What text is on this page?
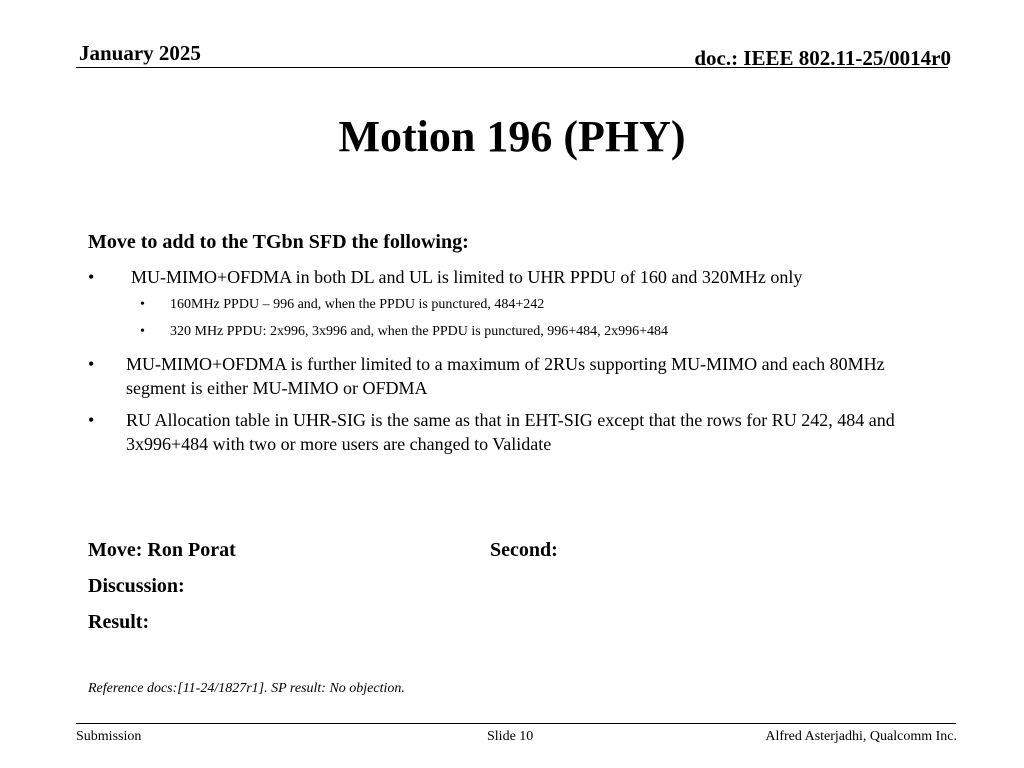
January 2025	doc.: IEEE 802.11-25/0014r0
Motion 196 (PHY)
Move to add to the TGbn SFD the following:
•	MU-MIMO+OFDMA in both DL and UL is limited to UHR PPDU of 160 and 320MHz only
•	160MHz PPDU – 996 and, when the PPDU is punctured, 484+242
•	320 MHz PPDU: 2x996, 3x996 and, when the PPDU is punctured, 996+484, 2x996+484
•	MU-MIMO+OFDMA is further limited to a maximum of 2RUs supporting MU-MIMO and each 80MHz segment is either MU-MIMO or OFDMA
•	RU Allocation table in UHR-SIG is the same as that in EHT-SIG except that the rows for RU 242, 484 and 3x996+484 with two or more users are changed to Validate
Move: Ron Porat	Second:
Discussion:
Result:
Reference docs:[11-24/1827r1]. SP result: No objection.
Submission	Slide 10	Alfred Asterjadhi, Qualcomm Inc.
